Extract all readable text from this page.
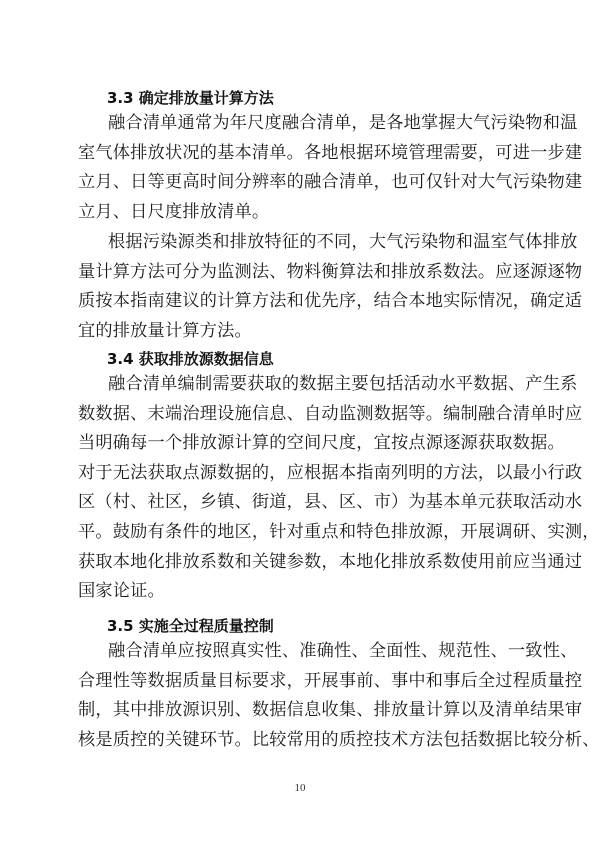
3.3 确定排放量计算方法
融合清单通常为年尺度融合清单，是各地掌握大气污染物和温
室气体排放状况的基本清单。各地根据环境管理需要，可进一步建
立月、日等更高时间分辨率的融合清单，也可仅针对大气污染物建
立月、日尺度排放清单。
根据污染源类和排放特征的不同，大气污染物和温室气体排放
量计算方法可分为监测法、物料衡算法和排放系数法。应逐源逐物
质按本指南建议的计算方法和优先序，结合本地实际情况，确定适
宜的排放量计算方法。
3.4 获取排放源数据信息
融合清单编制需要获取的数据主要包括活动水平数据、产生系
数数据、末端治理设施信息、自动监测数据等。编制融合清单时应
当明确每一个排放源计算的空间尺度，宜按点源逐源获取数据。
对于无法获取点源数据的，应根据本指南列明的方法，以最小行政
区（村、社区，乡镇、街道，县、区、市）为基本单元获取活动水
平。鼓励有条件的地区，针对重点和特色排放源，开展调研、实测，
获取本地化排放系数和关键参数，本地化排放系数使用前应当通过
国家论证。
3.5 实施全过程质量控制
融合清单应按照真实性、准确性、全面性、规范性、一致性、
合理性等数据质量目标要求，开展事前、事中和事后全过程质量控
制，其中排放源识别、数据信息收集、排放量计算以及清单结果审
核是质控的关键环节。比较常用的质控技术方法包括数据比较分析、
10
